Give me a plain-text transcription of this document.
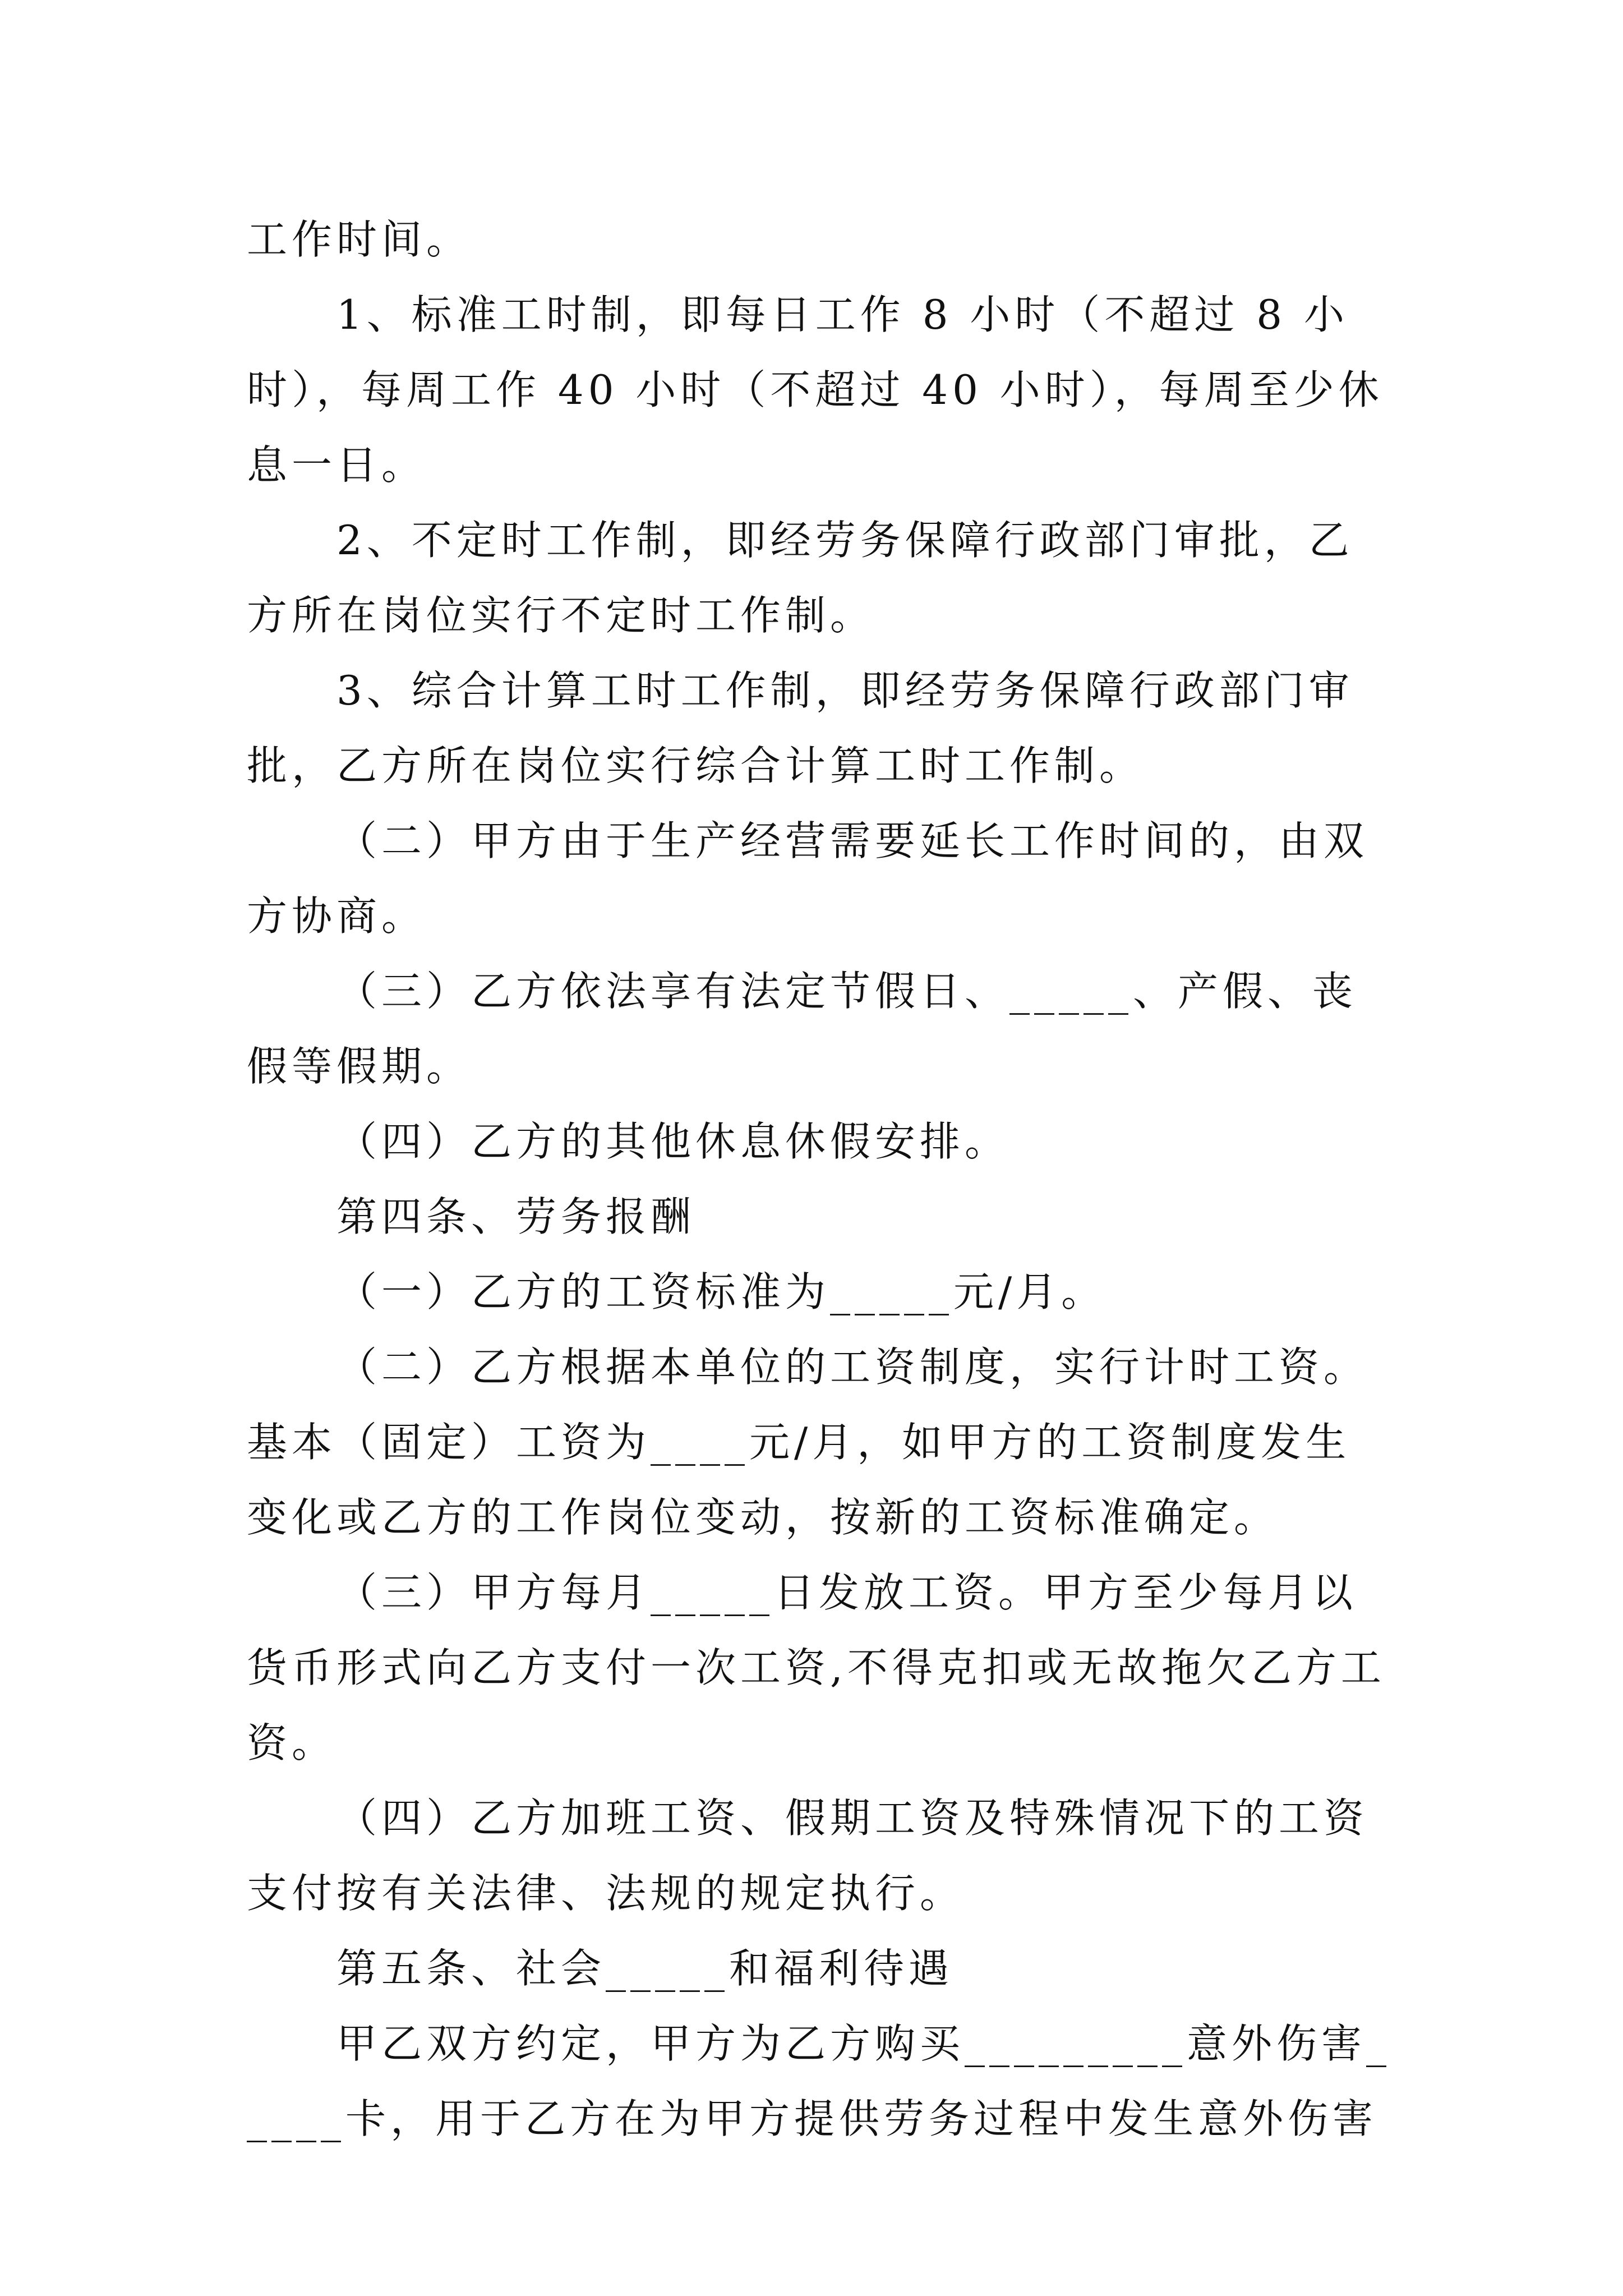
工作时间。

1、标准工时制，即每日工作 8 小时（不超过 8 小时），每周工作 40 小时（不超过 40 小时），每周至少休息一日。

2、不定时工作制，即经劳务保障行政部门审批，乙方所在岗位实行不定时工作制。

3、综合计算工时工作制，即经劳务保障行政部门审批，乙方所在岗位实行综合计算工时工作制。

（二）甲方由于生产经营需要延长工作时间的，由双方协商。

（三）乙方依法享有法定节假日、_____、产假、丧假等假期。

（四）乙方的其他休息休假安排。

第四条、劳务报酬

（一）乙方的工资标准为_____元/月。

（二）乙方根据本单位的工资制度，实行计时工资。基本（固定）工资为____元/月，如甲方的工资制度发生变化或乙方的工作岗位变动，按新的工资标准确定。

（三）甲方每月_____日发放工资。甲方至少每月以货币形式向乙方支付一次工资,不得克扣或无故拖欠乙方工资。

（四）乙方加班工资、假期工资及特殊情况下的工资支付按有关法律、法规的规定执行。

第五条、社会_____和福利待遇

甲乙双方约定，甲方为乙方购买_________意外伤害_____卡，用于乙方在为甲方提供劳务过程中发生意外伤害
